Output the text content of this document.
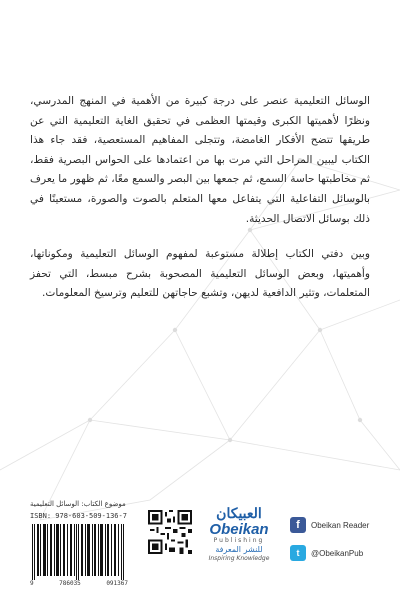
الوسائل التعليمية عنصر على درجة كبيرة من الأهمية في المنهج المدرسي، ونظرًا لأهميتها الكبرى وقيمتها العظمى في تحقيق الغاية التعليمية التي عن طريقها تتضح الأفكار الغامضة، وتتجلى المفاهيم المستعصية، فقد جاء هذا الكتاب ليبين المراحل التي مرت بها من اعتمادها على الحواس البصرية فقط، ثم مخاطبتها حاسة السمع، ثم جمعها بين البصر والسمع معًا، ثم ظهور ما يعرف بالوسائل التفاعلية التي يتفاعل معها المتعلم بالصوت والصورة، مستعينًا في ذلك بوسائل الاتصال الحديثة.

وبين دفتي الكتاب إطلالة مستوعبة لمفهوم الوسائل التعليمية ومكوناتها، وأهميتها، وبعض الوسائل التعليمية المصحوبة بشرح مبسط، التي تحفز المتعلمات، وتثير الدافعية لديهن، وتشبع حاجاتهن للتعليم وترسيخ المعلومات.

موضوع الكتاب: الوسائل التعليمية
ISBN: 978-603-509-136-7
9	786035	091367
العبيكان
Obeikan
Publishing
للنشر المعرفة
Inspiring Knowledge
f	Obeikan Reader
t	@ObeikanPub
